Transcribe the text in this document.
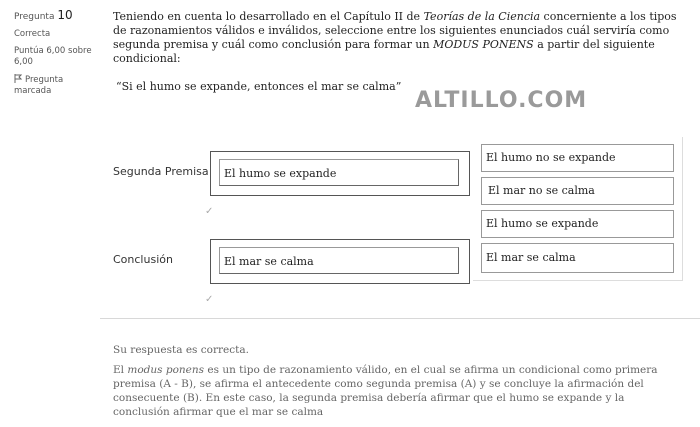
Pregunta 10
Correcta
Puntúa 6,00 sobre 6,00
Pregunta marcada
Teniendo en cuenta lo desarrollado en el Capítulo II de Teorías de la Ciencia concerniente a los tipos de razonamientos válidos e inválidos, seleccione entre los siguientes enunciados cuál serviría como segunda premisa y cuál como conclusión para formar un MODUS PONENS a partir del siguiente condicional:
“Si el humo se expande, entonces el mar se calma”
ALTILLO.COM
Segunda Premisa	El humo se expande
✓
Conclusión	El mar se calma
✓
El humo no se expande
El mar no se calma
El humo se expande
El mar se calma
Su respuesta es correcta.
El modus ponens es un tipo de razonamiento válido, en el cual se afirma un condicional como primera premisa (A - B), se afirma el antecedente como segunda premisa (A) y se concluye la afirmación del consecuente (B). En este caso, la segunda premisa debería afirmar que el humo se expande y la conclusión afirmar que el mar se calma
